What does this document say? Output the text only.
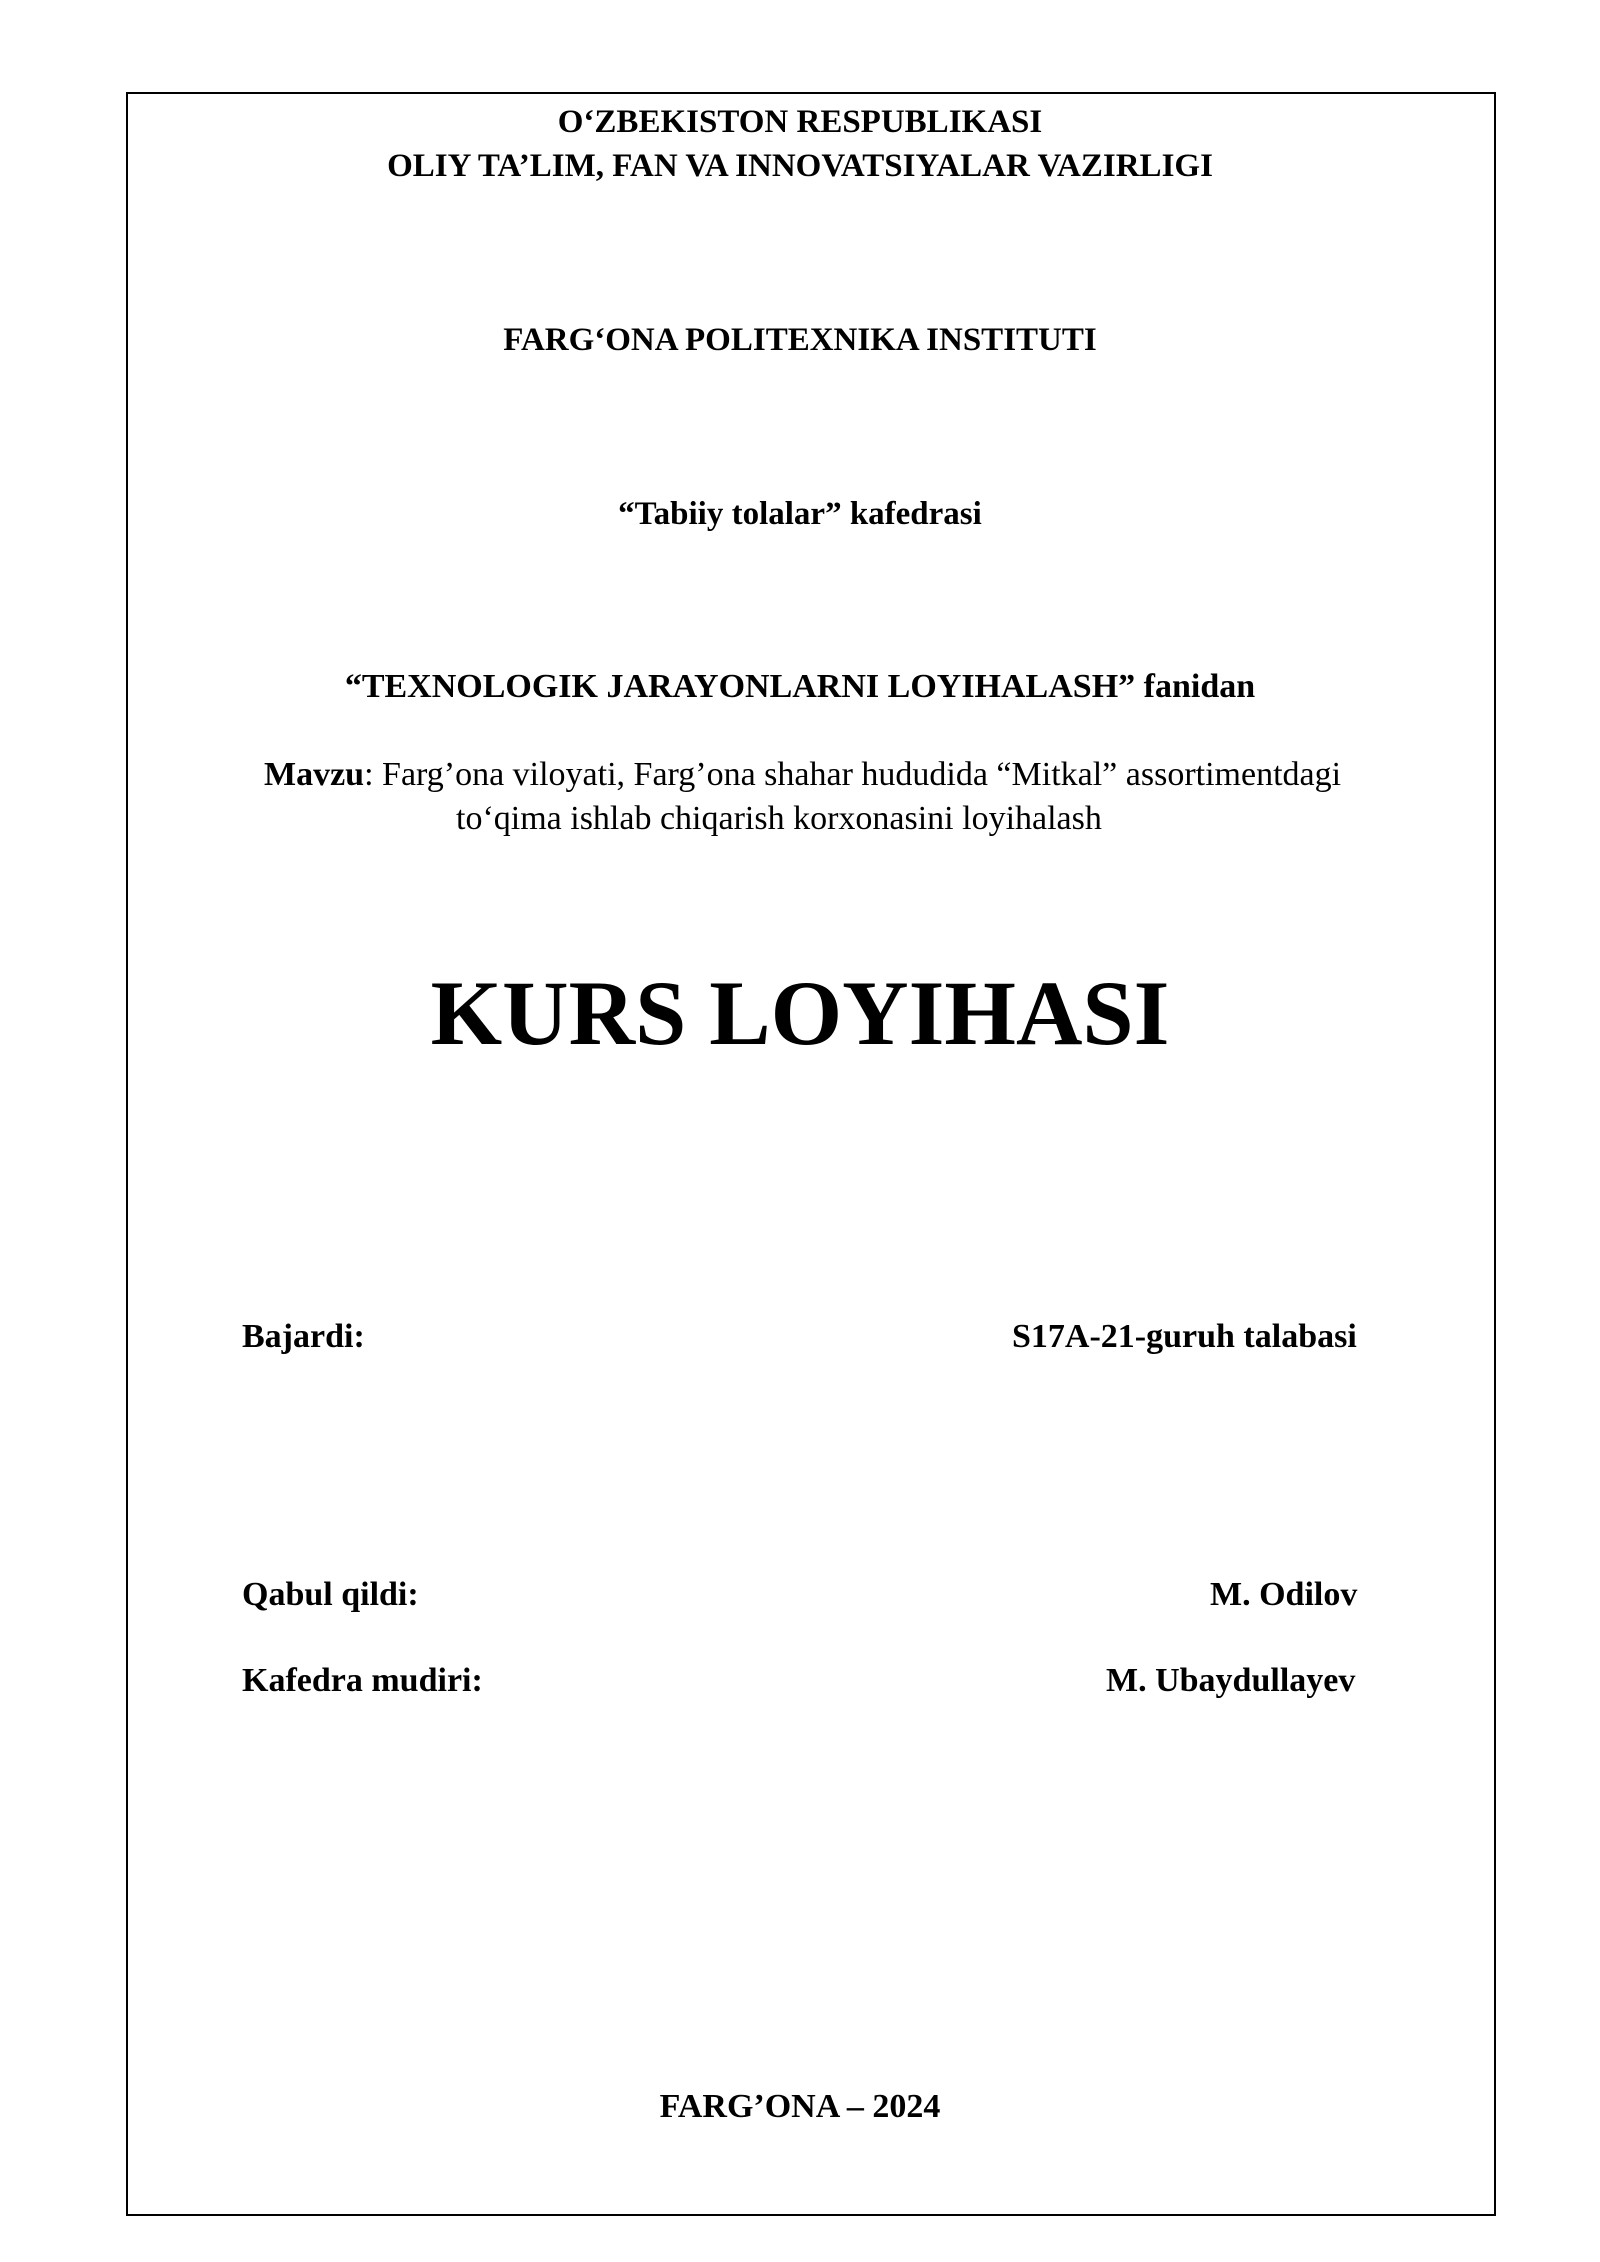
O‘ZBEKISTON RESPUBLIKASI
OLIY TA’LIM, FAN VA INNOVATSIYALAR VAZIRLIGI
FARG‘ONA POLITEXNIKA INSTITUTI
“Tabiiy tolalar” kafedrasi
“TEXNOLOGIK JARAYONLARNI LOYIHALASH” fanidan
Mavzu: Farg’ona viloyati, Farg’ona shahar hududida “Mitkal” assortimentdagi
to‘qima ishlab chiqarish korxonasini loyihalash
KURS LOYIHASI
Bajardi:	S17A-21-guruh talabasi
Qabul qildi:	M. Odilov
Kafedra mudiri:	M. Ubaydullayev
FARG’ONA – 2024
